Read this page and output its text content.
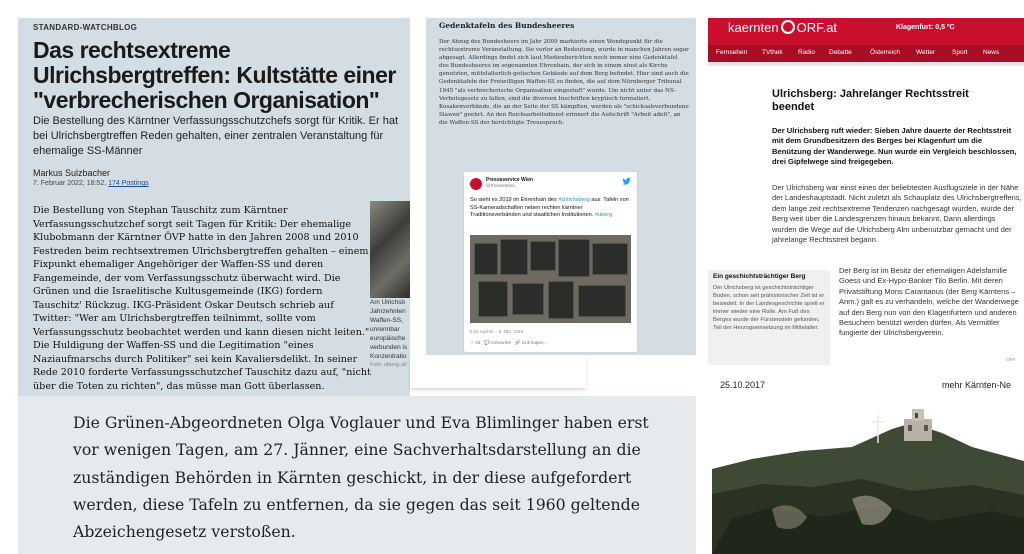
STANDARD-WATCHBLOG
Das rechtsextreme Ulrichsbergtreffen: Kultstätte einer "verbrecherischen Organisation"
Die Bestellung des Kärntner Verfassungsschutzchefs sorgt für Kritik. Er hat bei Ulrichsbergtreffen Reden gehalten, einer zentralen Veranstaltung für ehemalige SS-Männer
Markus Sulzbacher
7. Februar 2022, 18:52, 174 Postings
Die Bestellung von Stephan Tauschitz zum Kärntner Verfassungsschutzchef sorgt seit Tagen für Kritik: Der ehemalige Klubobmann der Kärntner ÖVP hatte in den Jahren 2008 und 2010 Festreden beim rechtsextremen Ulrichsbergtreffen gehalten – einem Fixpunkt ehemaliger Angehöriger der Waffen-SS und deren Fangemeinde, der vom Verfassungsschutz überwacht wird. Die Grünen und die Israelitische Kultusgemeinde (IKG) fordern Tauschitz' Rückzug. IKG-Präsident Oskar Deutsch schrieb auf Twitter: "Wer am Ulrichsbergtreffen teilnimmt, sollte vom Verfassungsschutz beobachtet werden und kann diesen nicht leiten." Die Huldigung der Waffen-SS und die Legitimation "eines Naziaufmarschs durch Politiker" sei kein Kavaliersdelikt. In seiner Rede 2010 forderte Verfassungsschutzchef Tauschitz dazu auf, "nicht über die Toten zu richten", das müsse man Gott überlassen.
Am Ulrichsb
Jahrzehnten
Waffen-SS,
unrennbar
europäische
verbunden is
Konzentratio
Foto: ulberg.at/
Gedenktafeln des Bundesheeres
Der Abzug des Bundesheers im Jahr 2009 markierte einen Wendepunkt für die rechtsextreme Veranstaltung. Sie verlor an Bedeutung, wurde in manchen Jahren sogar abgesagt. Allerdings findet sich laut Medienberichten noch immer eine Gedenktafel des Bundesheeres im sogenannten Ehrenhain, der sich in einem einst als Kirche genutzten, mittelalterlich-gotischen Gebäude auf dem Berg befindet. Hier sind auch die Gedenktafeln der Freiwilligen Waffen-SS zu finden, die auf dem Nürnberger Tribunal 1945 "als verbrecherische Organisation eingestuft" wurde. Um nicht unter das NS-Verbotsgesetz zu fallen, sind die diversen Inschriften kryptisch formuliert. Kosakenverbände, die an der Seite der SS kämpften, werden als "schicksalsverbundene Slawen" geehrt. An den Reichsarbeitsdienst erinnert die Aufschrift "Arbeit adelt", an die Waffen-SS der berüchtigte Treuespruch.
Presseservice Wien
@PresseWien
So sieht es 2019 im Ehrenhain des #Ulrichsberg aus: Tafeln von SS-Kameradschaften neben rechten kärntner Traditionsverbänden und staatlichen Institutionen. #uberg
5:24 nachm. · 6. Okt. 2019
♡ 26 💬 Antworten 🔗 Link kopier...
kaernten ORF.at	Klagenfurt: 0,5 ºC
Fernsehen TVthek Radio Debatte	Österreich Wetter	Sport News
Ulrichsberg: Jahrelanger Rechtsstreit beendet
Der Ulrichsberg ruft wieder: Sieben Jahre dauerte der Rechtsstreit mit dem Grundbesitzern des Berges bei Klagenfurt um die Benützung der Wanderwege. Nun wurde ein Vergleich beschlossen, drei Gipfelwege sind freigegeben.
Der Ulrichsberg war einst eines der beliebtesten Ausflugsziele in der Nähe der Landeshauptstadt. Nicht zuletzt als Schauplatz des Ulrichsbergtreffens, dem lange zeit rechtsextreme Tendenzen nachgesagt wurden, wurde der Berg weit über die Landesgrenzen hinaus bekannt. Dann allerdings wurden die Wege auf die Ulrichsberg Alm unbenutzbar gemacht und der jahrelange Rechtsstreit begann.
Ein geschichtsträchtiger Berg
Der Ulrichsberg ist geschichtsträchtiger Boden, schon seit prähistorischer Zeit ist er besiedelt. In der Landesgeschichte spielt er immer wieder eine Rolle. Am Fuß des Berges wurde der Fürstenstein gefunden, Teil der Herzogseinsetzung im Mittelalter.
Der Berg ist im Besitz der ehemaligen Adelsfamilie Goess und Ex-Hypo-Banker Tilo Berlin. Mit deren Privatstiftung Mons Carantanus (der Berg Kärntens – Anm.) galt es zu verhandeln, welche der Wanderwege auf den Berg nun von den Klagenfurtern und anderen Besuchern benützt werden dürfen. Als Vermittler fungierte der Ulrichsbergverein.
ORF
25.10.2017	mehr Kärnten-Ne
Die Grünen-Abgeordneten Olga Voglauer und Eva Blimlinger haben erst vor wenigen Tagen, am 27. Jänner, eine Sachverhaltsdarstellung an die zuständigen Behörden in Kärnten geschickt, in der diese aufgefordert werden, diese Tafeln zu entfernen, da sie gegen das seit 1960 geltende Abzeichengesetz verstoßen.
